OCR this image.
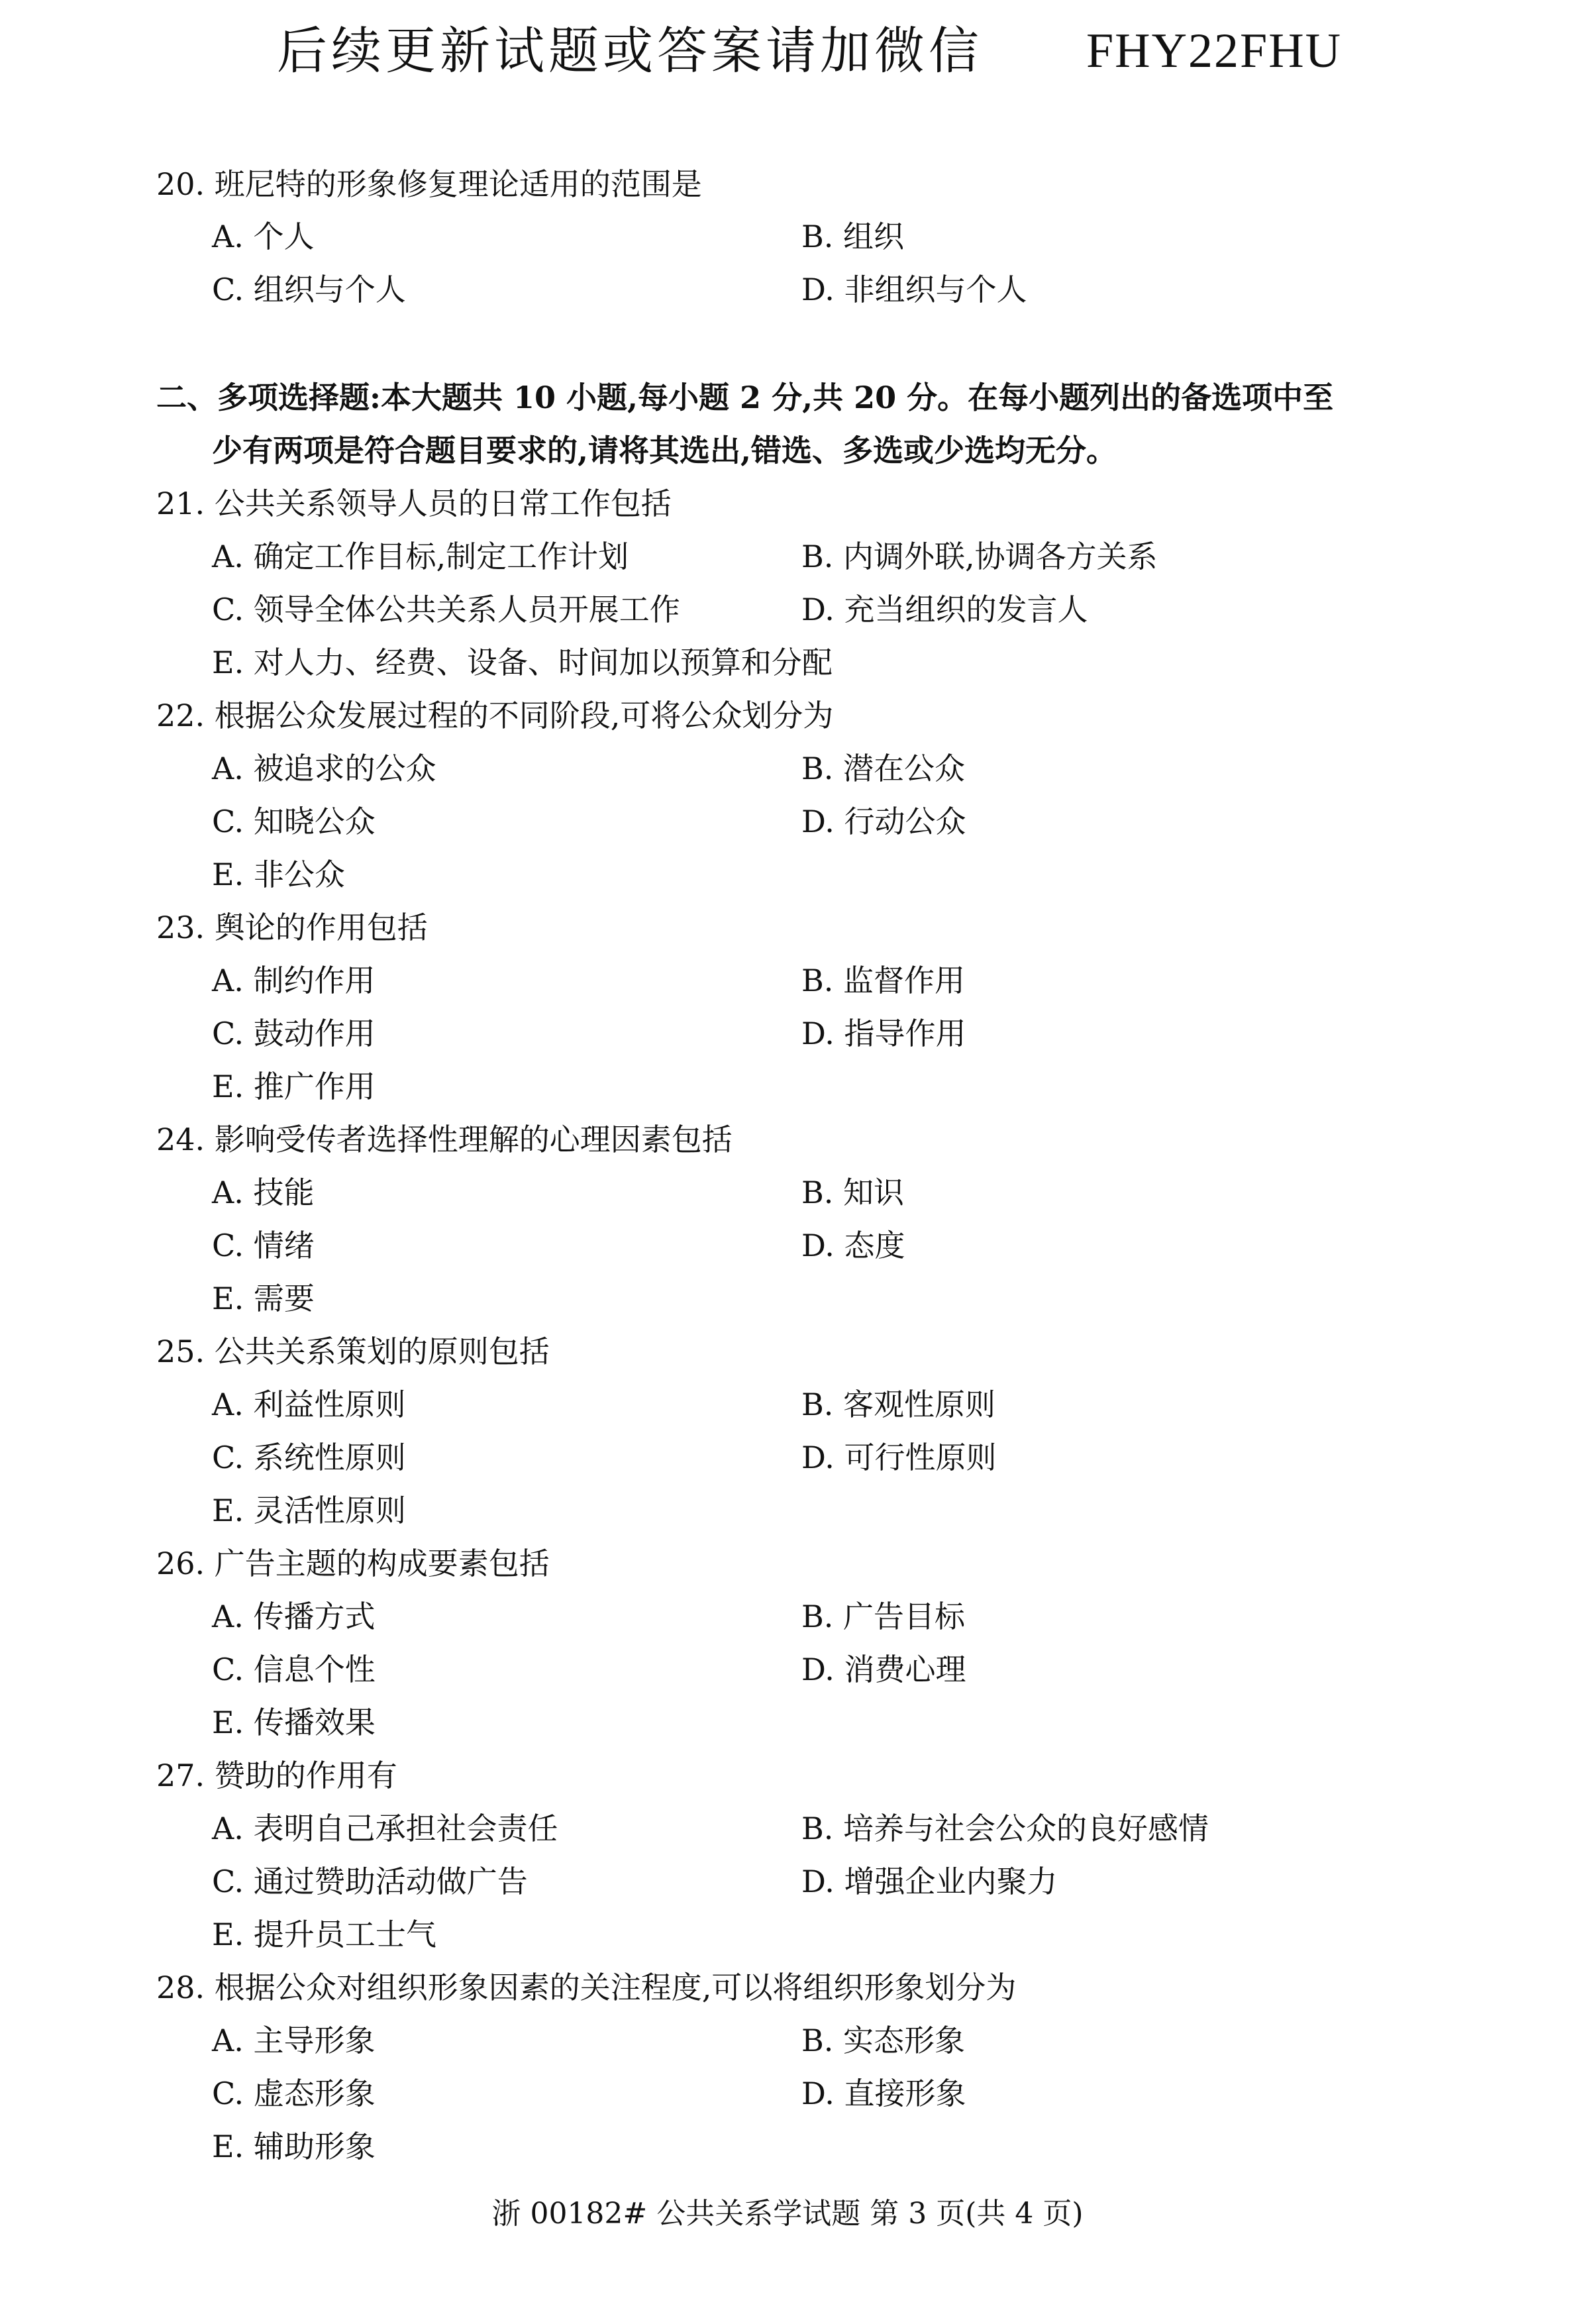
后续更新试题或答案请加微信 FHY22FHU
20. 班尼特的形象修复理论适用的范围是
A. 个人	B. 组织
C. 组织与个人	D. 非组织与个人
二、多项选择题:本大题共 10 小题,每小题 2 分,共 20 分。在每小题列出的备选项中至
少有两项是符合题目要求的,请将其选出,错选、多选或少选均无分。
21. 公共关系领导人员的日常工作包括
A. 确定工作目标,制定工作计划	B. 内调外联,协调各方关系
C. 领导全体公共关系人员开展工作	D. 充当组织的发言人
E. 对人力、经费、设备、时间加以预算和分配
22. 根据公众发展过程的不同阶段,可将公众划分为
A. 被追求的公众	B. 潜在公众
C. 知晓公众	D. 行动公众
E. 非公众
23. 舆论的作用包括
A. 制约作用	B. 监督作用
C. 鼓动作用	D. 指导作用
E. 推广作用
24. 影响受传者选择性理解的心理因素包括
A. 技能	B. 知识
C. 情绪	D. 态度
E. 需要
25. 公共关系策划的原则包括
A. 利益性原则	B. 客观性原则
C. 系统性原则	D. 可行性原则
E. 灵活性原则
26. 广告主题的构成要素包括
A. 传播方式	B. 广告目标
C. 信息个性	D. 消费心理
E. 传播效果
27. 赞助的作用有
A. 表明自己承担社会责任	B. 培养与社会公众的良好感情
C. 通过赞助活动做广告	D. 增强企业内聚力
E. 提升员工士气
28. 根据公众对组织形象因素的关注程度,可以将组织形象划分为
A. 主导形象	B. 实态形象
C. 虚态形象	D. 直接形象
E. 辅助形象
浙 00182# 公共关系学试题 第 3 页(共 4 页)
